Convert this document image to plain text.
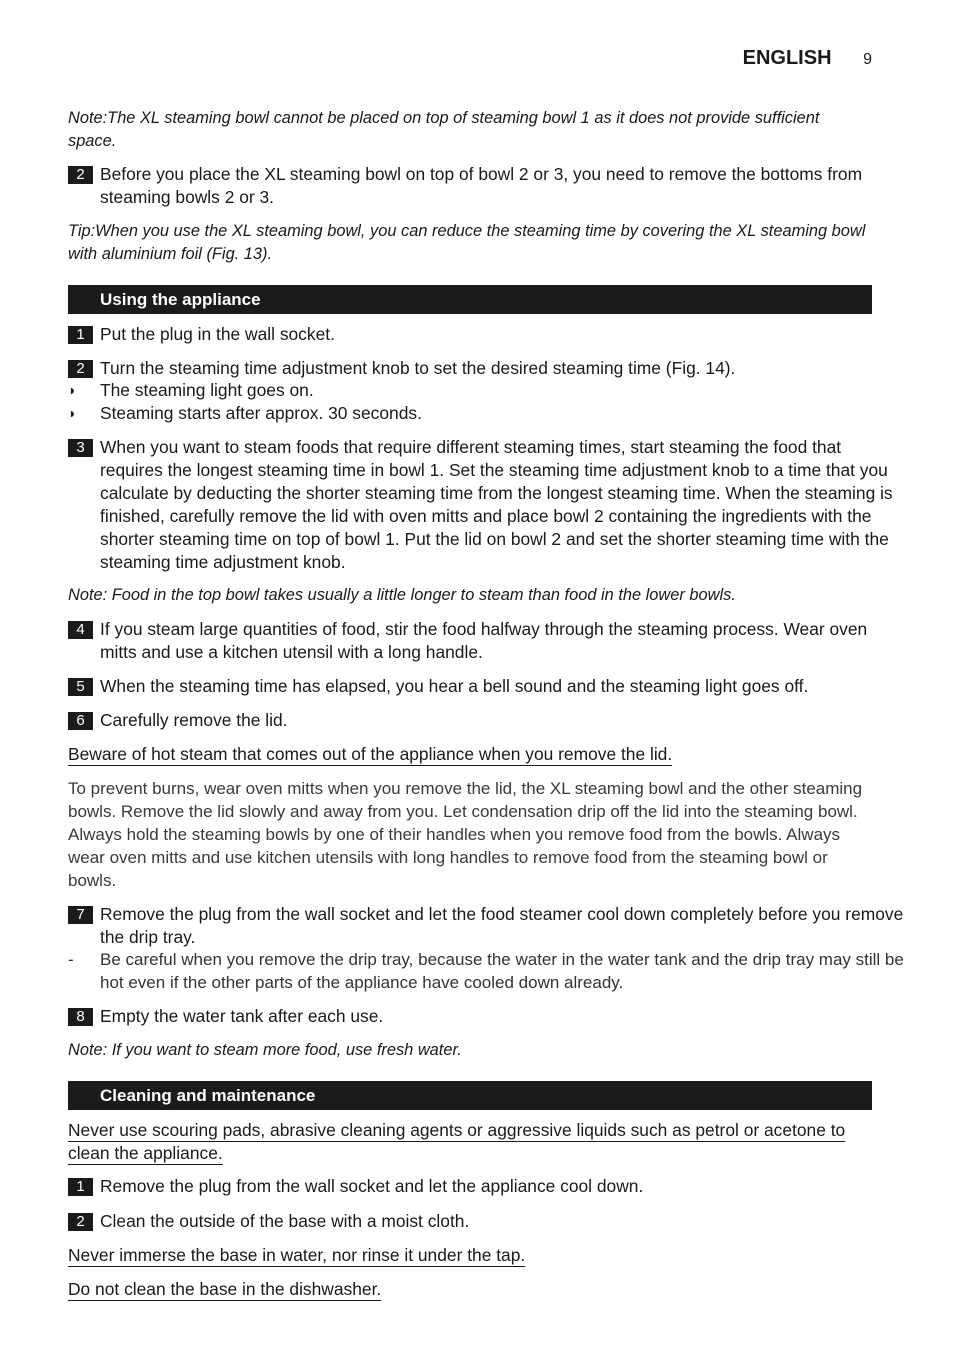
ENGLISH 9
Note:The XL steaming bowl cannot be placed on top of steaming bowl 1 as it does not provide sufficient space.
2 Before you place the XL steaming bowl on top of bowl 2 or 3, you need to remove the bottoms from steaming bowls 2 or 3.
Tip:When you use the XL steaming bowl, you can reduce the steaming time by covering the XL steaming bowl with aluminium foil (Fig. 13).
Using the appliance
1 Put the plug in the wall socket.
2 Turn the steaming time adjustment knob to set the desired steaming time (Fig. 14).
◗ The steaming light goes on.
◗ Steaming starts after approx. 30 seconds.
3 When you want to steam foods that require different steaming times, start steaming the food that requires the longest steaming time in bowl 1. Set the steaming time adjustment knob to a time that you calculate by deducting the shorter steaming time from the longest steaming time. When the steaming is finished, carefully remove the lid with oven mitts and place bowl 2 containing the ingredients with the shorter steaming time on top of bowl 1. Put the lid on bowl 2 and set the shorter steaming time with the steaming time adjustment knob.
Note: Food in the top bowl takes usually a little longer to steam than food in the lower bowls.
4 If you steam large quantities of food, stir the food halfway through the steaming process. Wear oven mitts and use a kitchen utensil with a long handle.
5 When the steaming time has elapsed, you hear a bell sound and the steaming light goes off.
6 Carefully remove the lid.
Beware of hot steam that comes out of the appliance when you remove the lid.
To prevent burns, wear oven mitts when you remove the lid, the XL steaming bowl and the other steaming bowls. Remove the lid slowly and away from you. Let condensation drip off the lid into the steaming bowl. Always hold the steaming bowls by one of their handles when you remove food from the bowls. Always wear oven mitts and use kitchen utensils with long handles to remove food from the steaming bowl or bowls.
7 Remove the plug from the wall socket and let the food steamer cool down completely before you remove the drip tray.
- Be careful when you remove the drip tray, because the water in the water tank and the drip tray may still be hot even if the other parts of the appliance have cooled down already.
8 Empty the water tank after each use.
Note: If you want to steam more food, use fresh water.
Cleaning and maintenance
Never use scouring pads, abrasive cleaning agents or aggressive liquids such as petrol or acetone to clean the appliance.
1 Remove the plug from the wall socket and let the appliance cool down.
2 Clean the outside of the base with a moist cloth.
Never immerse the base in water, nor rinse it under the tap.
Do not clean the base in the dishwasher.
